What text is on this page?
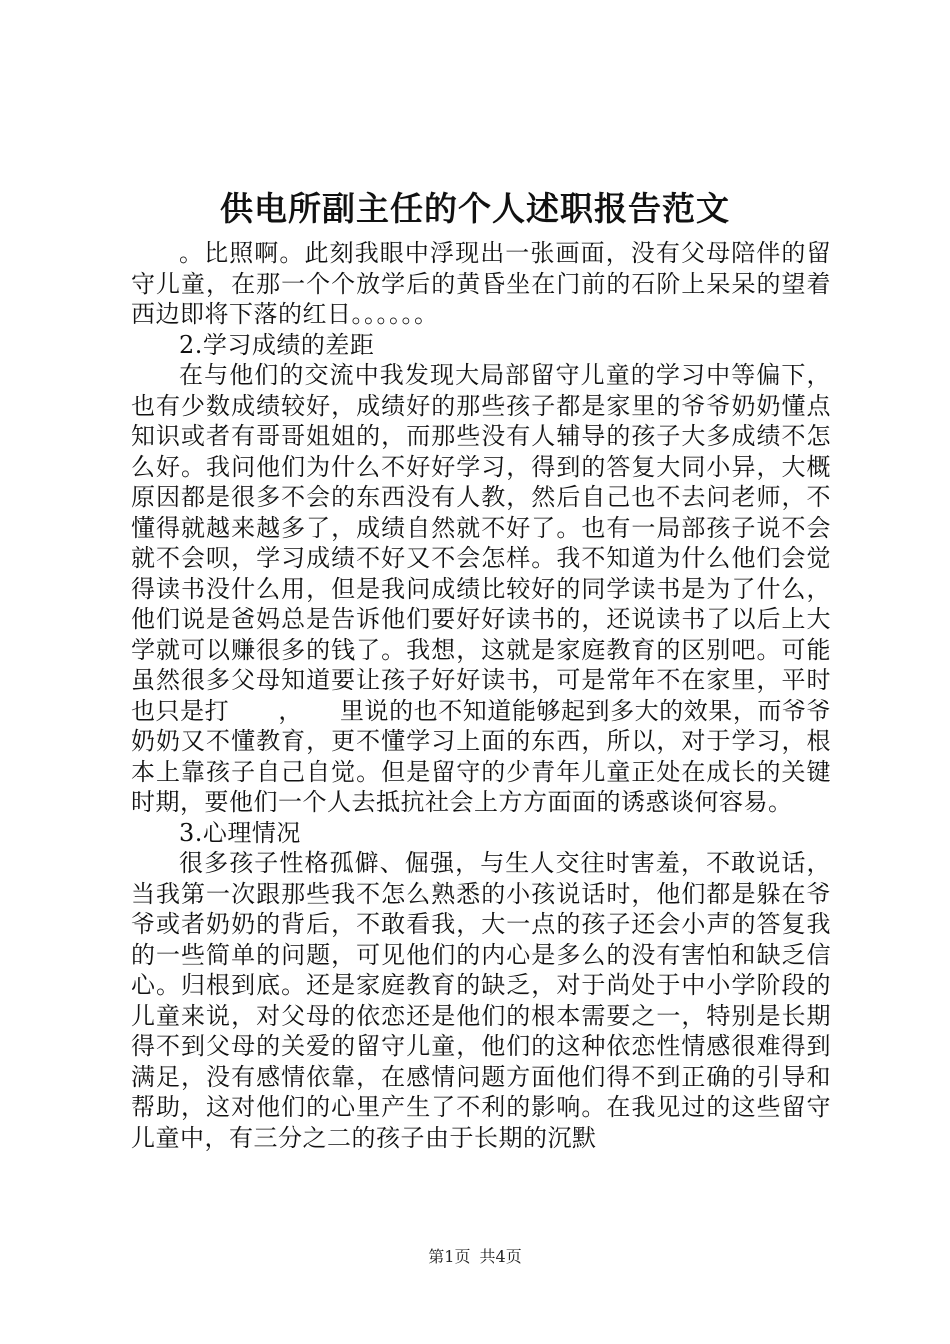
供电所副主任的个人述职报告范文

。比照啊。此刻我眼中浮现出一张画面，没有父母陪伴的留守儿童，在那一个个放学后的黄昏坐在门前的石阶上呆呆的望着西边即将下落的红日。。。。。。

2.学习成绩的差距

在与他们的交流中我发现大局部留守儿童的学习中等偏下，也有少数成绩较好，成绩好的那些孩子都是家里的爷爷奶奶懂点知识或者有哥哥姐姐的，而那些没有人辅导的孩子大多成绩不怎么好。我问他们为什么不好好学习，得到的答复大同小异，大概原因都是很多不会的东西没有人教，然后自己也不去问老师，不懂得就越来越多了，成绩自然就不好了。也有一局部孩子说不会就不会呗，学习成绩不好又不会怎样。我不知道为什么他们会觉得读书没什么用，但是我问成绩比较好的同学读书是为了什么，他们说是爸妈总是告诉他们要好好读书的，还说读书了以后上大学就可以赚很多的钱了。我想，这就是家庭教育的区别吧。可能虽然很多父母知道要让孩子好好读书，可是常年不在家里，平时也只是打　　，　　里说的也不知道能够起到多大的效果，而爷爷奶奶又不懂教育，更不懂学习上面的东西，所以，对于学习，根本上靠孩子自己自觉。但是留守的少青年儿童正处在成长的关键时期，要他们一个人去抵抗社会上方方面面的诱惑谈何容易。

3.心理情况

很多孩子性格孤僻、倔强，与生人交往时害羞，不敢说话，当我第一次跟那些我不怎么熟悉的小孩说话时，他们都是躲在爷爷或者奶奶的背后，不敢看我，大一点的孩子还会小声的答复我的一些简单的问题，可见他们的内心是多么的没有害怕和缺乏信心。归根到底。还是家庭教育的缺乏，对于尚处于中小学阶段的儿童来说，对父母的依恋还是他们的根本需要之一，特别是长期得不到父母的关爱的留守儿童，他们的这种依恋性情感很难得到满足，没有感情依靠，在感情问题方面他们得不到正确的引导和帮助，这对他们的心里产生了不利的影响。在我见过的这些留守儿童中，有三分之二的孩子由于长期的沉默

第1页 共4页
